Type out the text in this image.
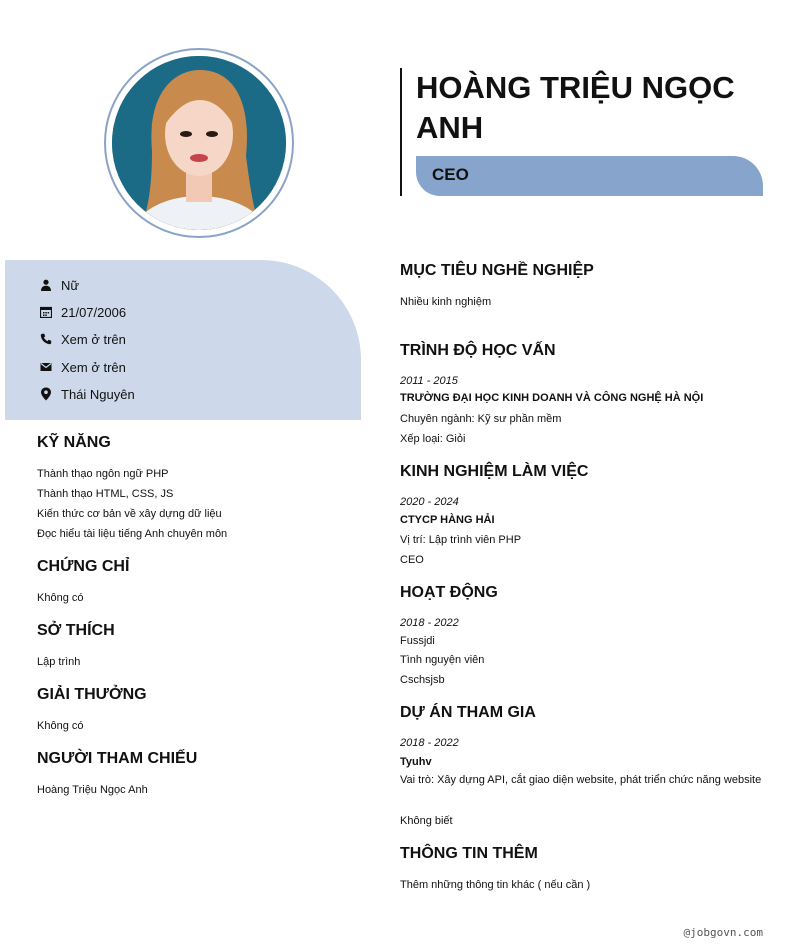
Nữ
21/07/2006
Xem ở trên
Xem ở trên
Thái Nguyên
HOÀNG TRIỆU NGỌC ANH
CEO
KỸ NĂNG
Thành thạo ngôn ngữ PHP
Thành thạo HTML, CSS, JS
Kiến thức cơ bản về xây dựng dữ liệu
Đọc hiểu tài liệu tiếng Anh chuyên môn
CHỨNG CHỈ
Không có
SỞ THÍCH
Lập trình
GIẢI THƯỞNG
Không có
NGƯỜI THAM CHIẾU
Hoàng Triệu Ngọc Anh
MỤC TIÊU NGHỀ NGHIỆP
Nhiều kinh nghiệm
TRÌNH ĐỘ HỌC VẤN
2011 - 2015
TRƯỜNG ĐẠI HỌC KINH DOANH VÀ CÔNG NGHỆ HÀ NỘI
Chuyên ngành: Kỹ sư phần mềm
Xếp loại: Giỏi
KINH NGHIỆM LÀM VIỆC
2020 - 2024
CTYCP HÀNG HẢI
Vị trí: Lập trình viên PHP
CEO
HOẠT ĐỘNG
2018 - 2022
Fussjdi
Tình nguyện viên
Cschsjsb
DỰ ÁN THAM GIA
2018 - 2022
Tyuhv
Vai trò: Xây dựng API, cắt giao diện website, phát triển chức năng website
Không biết
THÔNG TIN THÊM
Thêm những thông tin khác ( nếu cần )
@jobgovn.com
